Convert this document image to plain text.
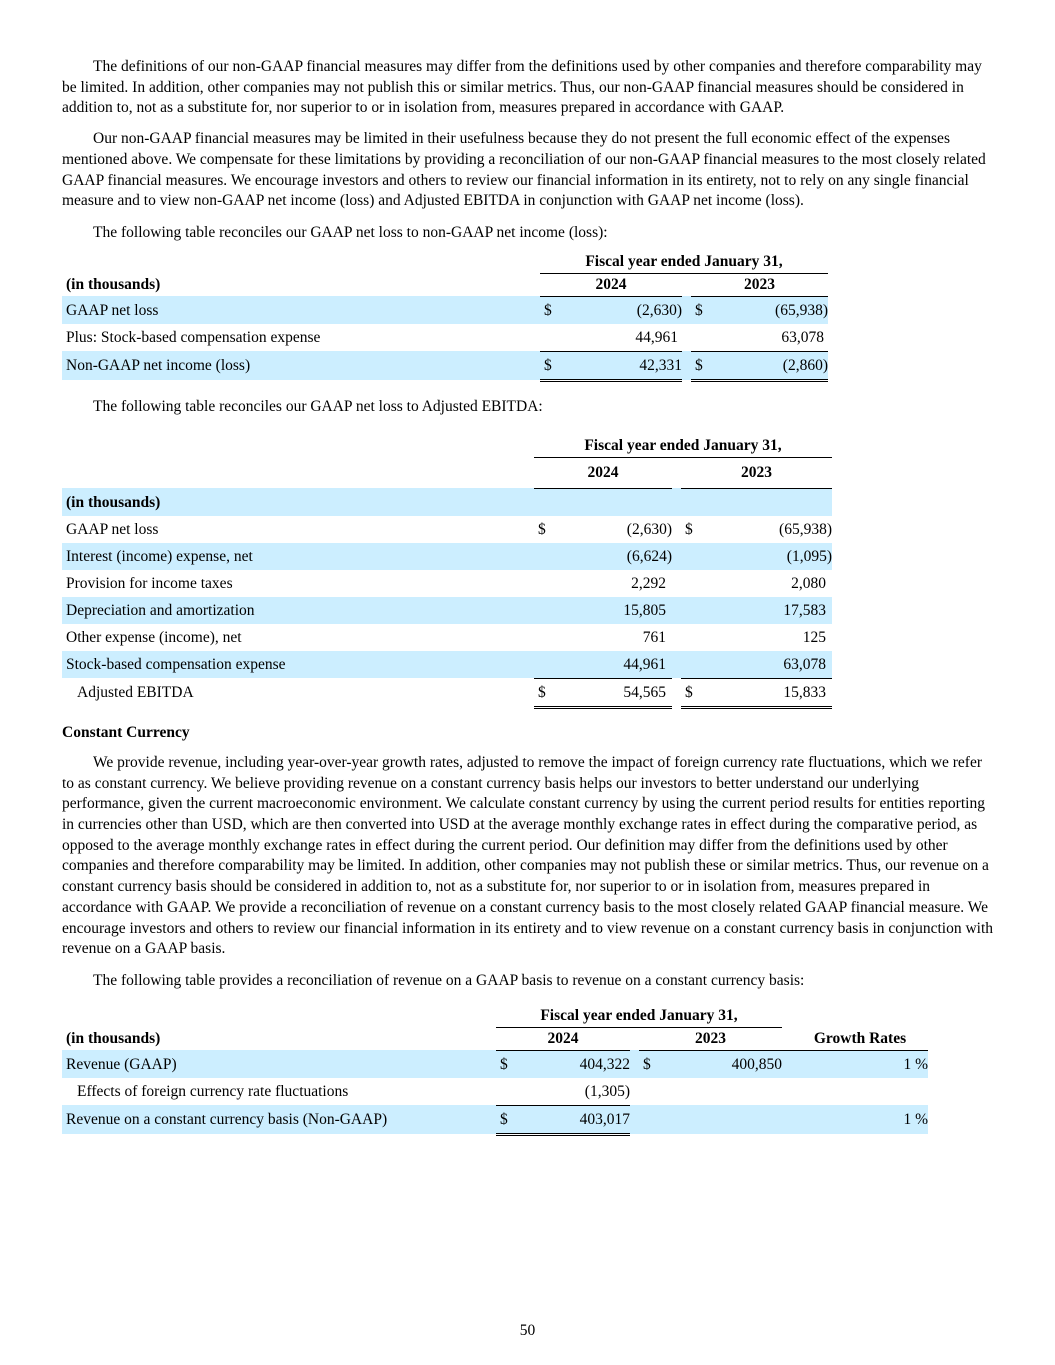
The definitions of our non-GAAP financial measures may differ from the definitions used by other companies and therefore comparability may be limited. In addition, other companies may not publish this or similar metrics. Thus, our non-GAAP financial measures should be considered in addition to, not as a substitute for, nor superior to or in isolation from, measures prepared in accordance with GAAP.

Our non-GAAP financial measures may be limited in their usefulness because they do not present the full economic effect of the expenses mentioned above. We compensate for these limitations by providing a reconciliation of our non-GAAP financial measures to the most closely related GAAP financial measures. We encourage investors and others to review our financial information in its entirety, not to rely on any single financial measure and to view non-GAAP net income (loss) and Adjusted EBITDA in conjunction with GAAP net income (loss).

The following table reconciles our GAAP net loss to non-GAAP net income (loss):
	Fiscal year ended January 31,				
(in thousands)	2024			2023	
GAAP net loss	$	(2,630)		$	(65,938)
Plus: Stock-based compensation expense		44,961			63,078
Non-GAAP net income (loss)	$	42,331		$	(2,860)
The following table reconciles our GAAP net loss to Adjusted EBITDA:
	Fiscal year ended January 31,				
	2024			2023	
(in thousands)					
GAAP net loss	$	(2,630)		$	(65,938)
Interest (income) expense, net		(6,624)			(1,095)
Provision for income taxes		2,292			2,080
Depreciation and amortization		15,805			17,583
Other expense (income), net		761			125
Stock-based compensation expense		44,961			63,078
Adjusted EBITDA	$	54,565		$	15,833
Constant Currency

We provide revenue, including year-over-year growth rates, adjusted to remove the impact of foreign currency rate fluctuations, which we refer to as constant currency. We believe providing revenue on a constant currency basis helps our investors to better understand our underlying performance, given the current macroeconomic environment. We calculate constant currency by using the current period results for entities reporting in currencies other than USD, which are then converted into USD at the average monthly exchange rates in effect during the comparative period, as opposed to the average monthly exchange rates in effect during the current period. Our definition may differ from the definitions used by other companies and therefore comparability may be limited. In addition, other companies may not publish these or similar metrics. Thus, our revenue on a constant currency basis should be considered in addition to, not as a substitute for, nor superior to or in isolation from, measures prepared in accordance with GAAP. We provide a reconciliation of revenue on a constant currency basis to the most closely related GAAP financial measure. We encourage investors and others to review our financial information in its entirety and to view revenue on a constant currency basis in conjunction with revenue on a GAAP basis.

The following table provides a reconciliation of revenue on a GAAP basis to revenue on a constant currency basis:
	Fiscal year ended January 31,					
(in thousands)	2024			2023		Growth Rates
Revenue (GAAP)	$	404,322		$	400,850	1 %
Effects of foreign currency rate fluctuations		(1,305)				
Revenue on a constant currency basis (Non-GAAP)	$	403,017				1 %
50
